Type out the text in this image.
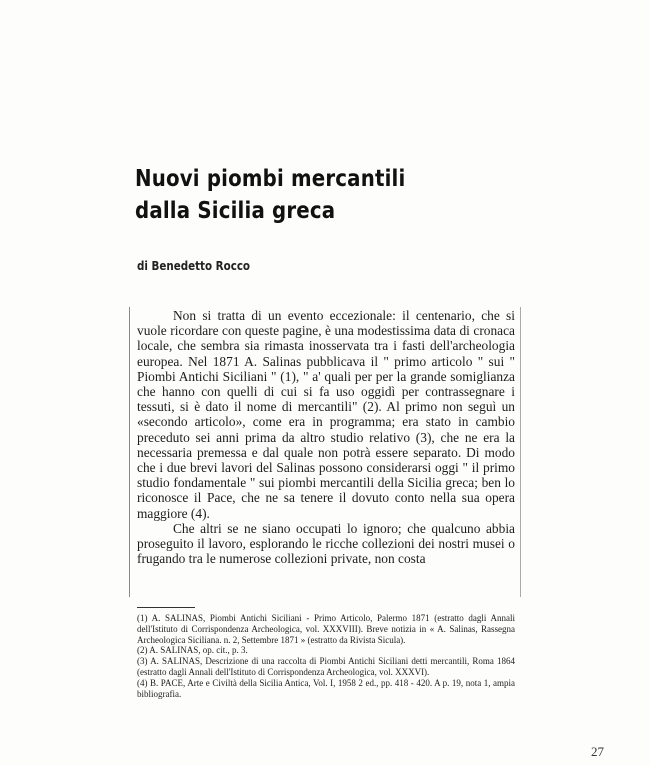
Nuovi piombi mercantili
dalla Sicilia greca
di Benedetto Rocco

Non si tratta di un evento eccezionale: il centenario, che si vuole ricordare con queste pagine, è una modestissima data di cronaca locale, che sembra sia rimasta inosservata tra i fasti dell'archeologia europea. Nel 1871 A. Salinas pubblicava il " primo articolo " sui " Piombi Antichi Siciliani " (1), " a' quali per per la grande somiglianza che hanno con quelli di cui si fa uso oggidì per contrassegnare i tessuti, si è dato il nome di mercantili" (2). Al primo non seguì un «secondo articolo», come era in programma; era stato in cambio preceduto sei anni prima da altro studio relativo (3), che ne era la necessaria premessa e dal quale non potrà essere separato. Di modo che i due brevi lavori del Salinas possono considerarsi oggi " il primo studio fondamentale " sui piombi mercantili della Sicilia greca; ben lo riconosce il Pace, che ne sa tenere il dovuto conto nella sua opera maggiore (4).

Che altri se ne siano occupati lo ignoro; che qualcuno abbia proseguito il lavoro, esplorando le ricche collezioni dei nostri musei o frugando tra le numerose collezioni private, non costa

(1) A. SALINAS, Piombi Antichi Siciliani - Primo Articolo, Palermo 1871 (estratto dagli Annali dell'Istituto di Corrispondenza Archeologica, vol. XXXVIII). Breve notizia in « A. Salinas, Rassegna Archeologica Siciliana. n. 2, Settembre 1871 » (estratto da Rivista Sicula).

(2) A. SALINAS, op. cit., p. 3.

(3) A. SALINAS, Descrizione di una raccolta di Piombi Antichi Siciliani detti mercantili, Roma 1864 (estratto dagli Annali dell'Istituto di Corrispondenza Archeologica, vol. XXXVI).

(4) B. PACE, Arte e Civiltà della Sicilia Antica, Vol. I, 1958 2 ed., pp. 418 - 420. A p. 19, nota 1, ampia bibliografia.

27
